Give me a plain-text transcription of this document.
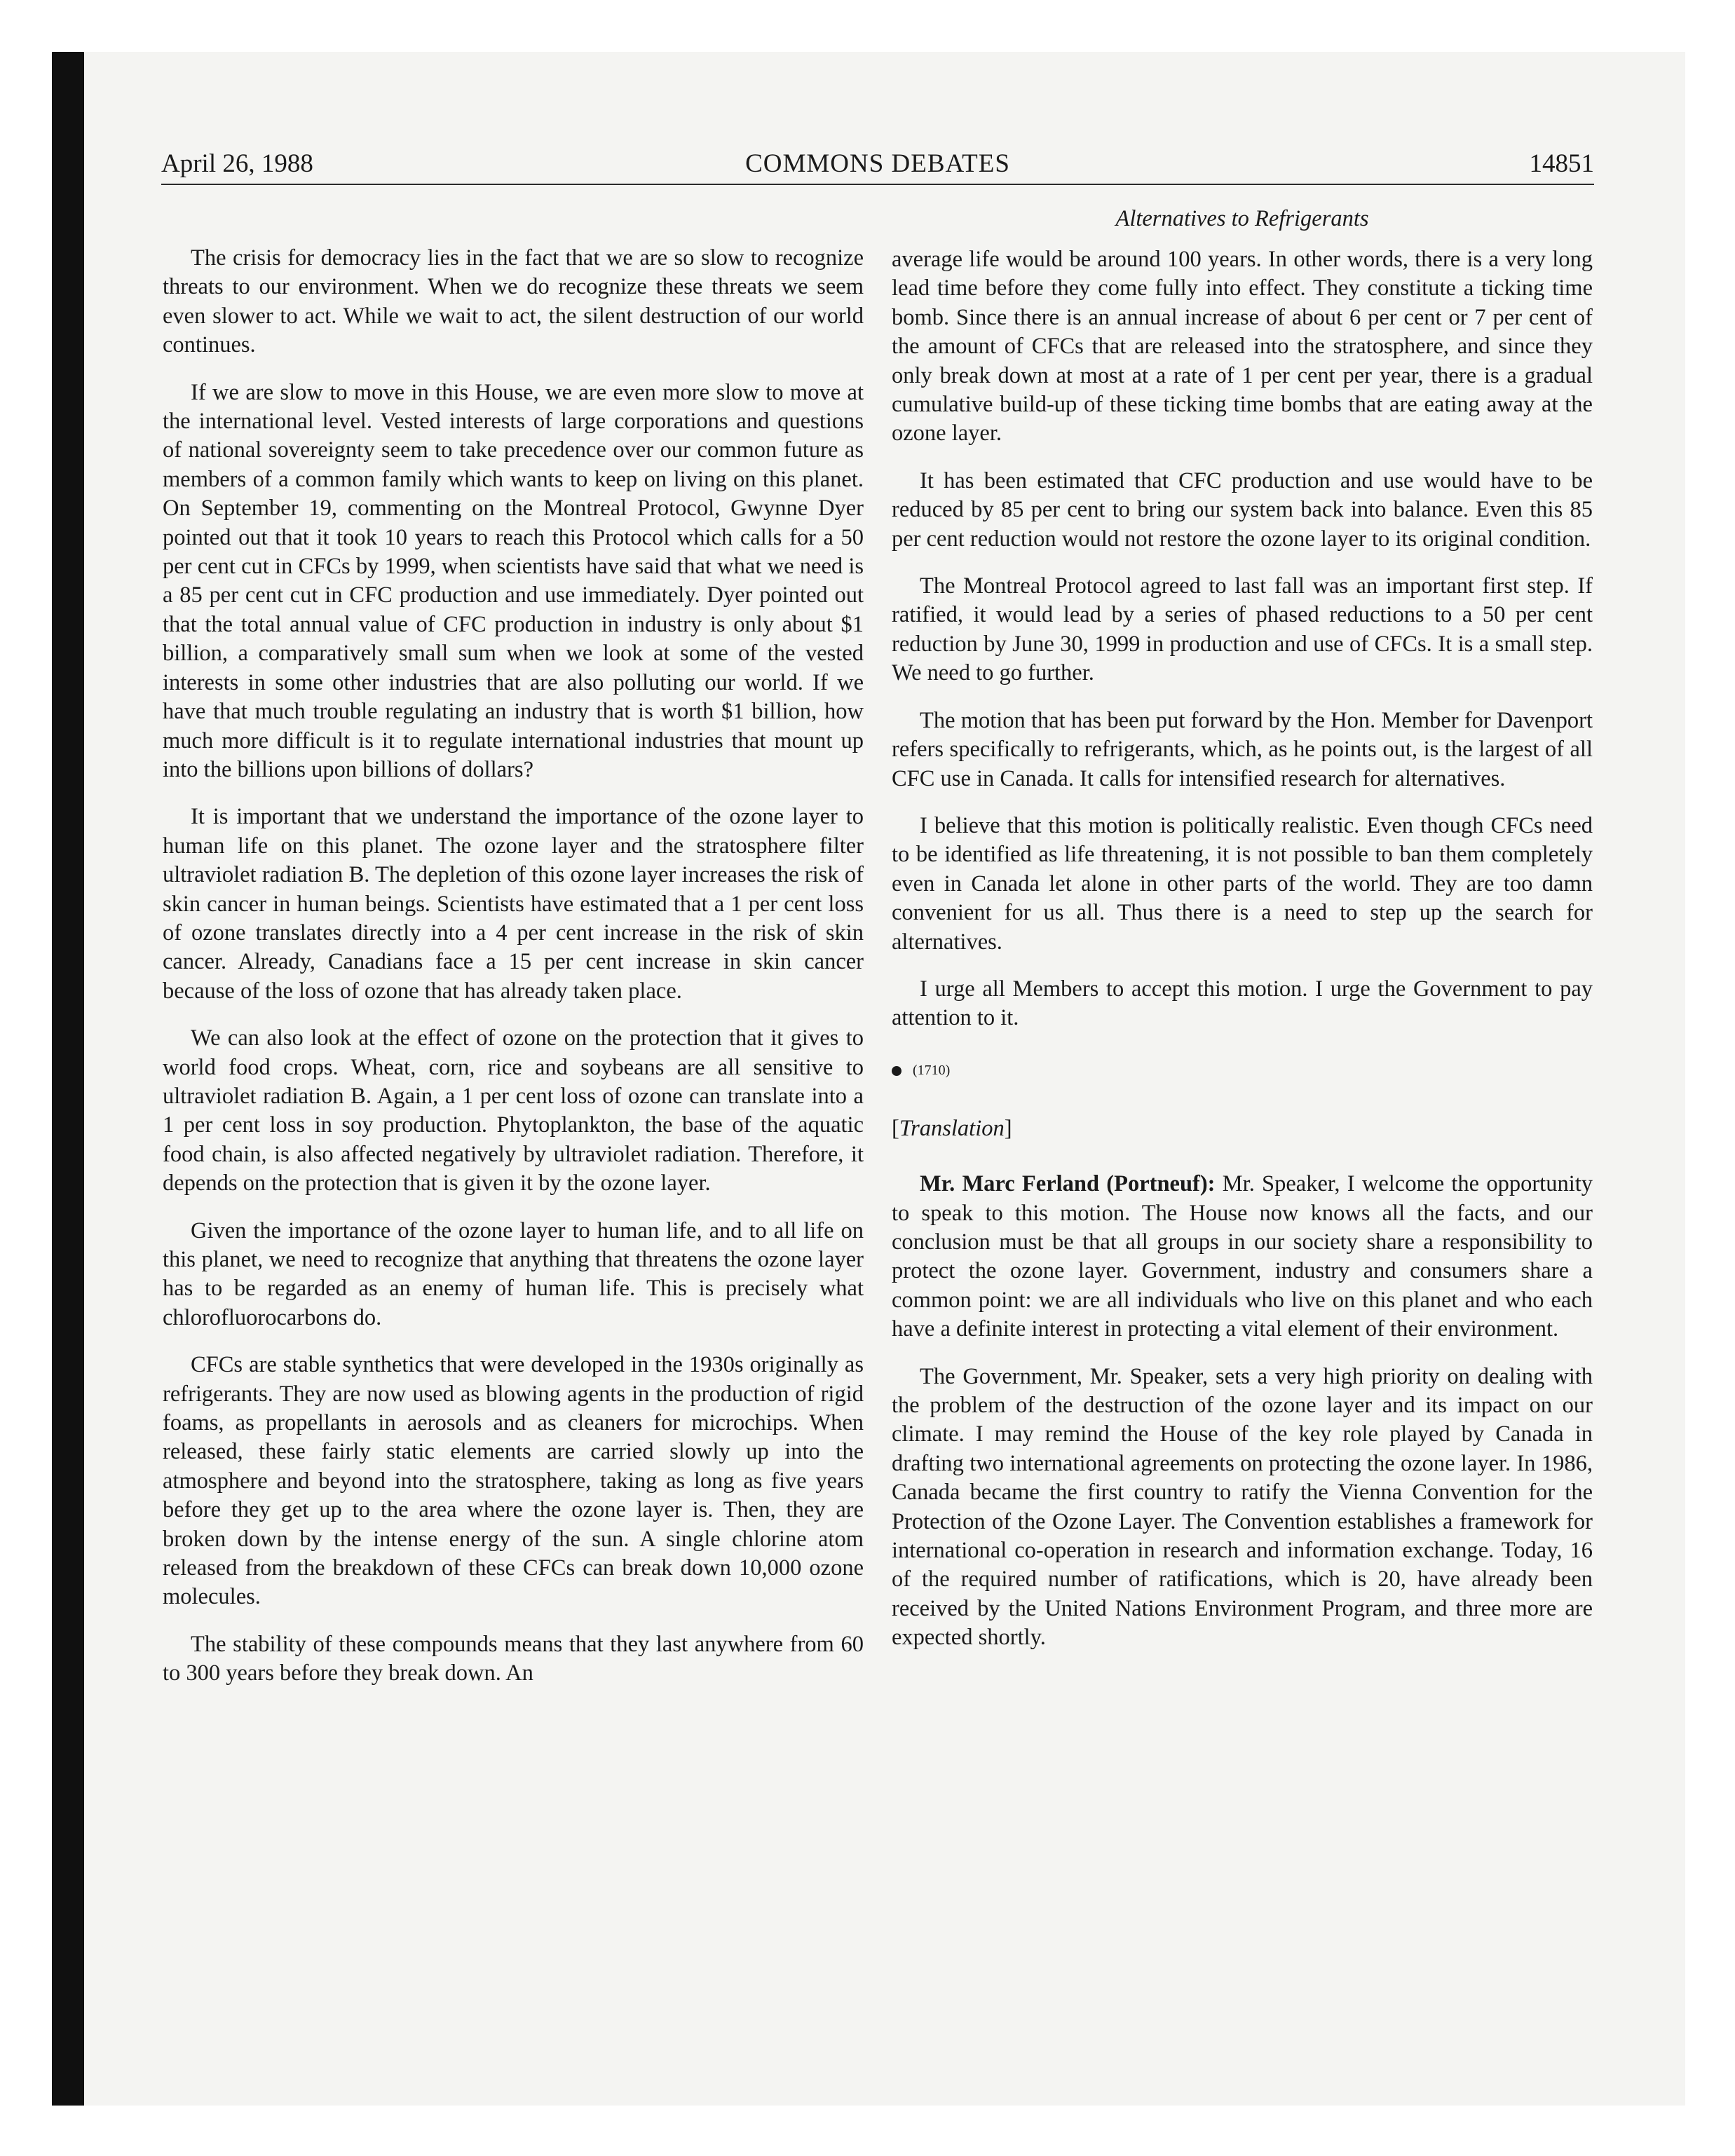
April 26, 1988	COMMONS DEBATES	14851

The crisis for democracy lies in the fact that we are so slow to recognize threats to our environment. When we do recognize these threats we seem even slower to act. While we wait to act, the silent destruction of our world continues.

If we are slow to move in this House, we are even more slow to move at the international level. Vested interests of large corporations and questions of national sovereignty seem to take precedence over our common future as members of a common family which wants to keep on living on this planet. On September 19, commenting on the Montreal Protocol, Gwynne Dyer pointed out that it took 10 years to reach this Protocol which calls for a 50 per cent cut in CFCs by 1999, when scientists have said that what we need is a 85 per cent cut in CFC production and use immediately. Dyer pointed out that the total annual value of CFC production in industry is only about $1 billion, a comparatively small sum when we look at some of the vested interests in some other industries that are also polluting our world. If we have that much trouble regulating an industry that is worth $1 billion, how much more difficult is it to regulate international industries that mount up into the billions upon billions of dollars?

It is important that we understand the importance of the ozone layer to human life on this planet. The ozone layer and the stratosphere filter ultraviolet radiation B. The depletion of this ozone layer increases the risk of skin cancer in human beings. Scientists have estimated that a 1 per cent loss of ozone translates directly into a 4 per cent increase in the risk of skin cancer. Already, Canadians face a 15 per cent increase in skin cancer because of the loss of ozone that has already taken place.

We can also look at the effect of ozone on the protection that it gives to world food crops. Wheat, corn, rice and soybeans are all sensitive to ultraviolet radiation B. Again, a 1 per cent loss of ozone can translate into a 1 per cent loss in soy production. Phytoplankton, the base of the aquatic food chain, is also affected negatively by ultraviolet radiation. Therefore, it depends on the protection that is given it by the ozone layer.

Given the importance of the ozone layer to human life, and to all life on this planet, we need to recognize that anything that threatens the ozone layer has to be regarded as an enemy of human life. This is precisely what chlorofluorocarbons do.

CFCs are stable synthetics that were developed in the 1930s originally as refrigerants. They are now used as blowing agents in the production of rigid foams, as propellants in aerosols and as cleaners for microchips. When released, these fairly static elements are carried slowly up into the atmosphere and beyond into the stratosphere, taking as long as five years before they get up to the area where the ozone layer is. Then, they are broken down by the intense energy of the sun. A single chlorine atom released from the breakdown of these CFCs can break down 10,000 ozone molecules.

The stability of these compounds means that they last anywhere from 60 to 300 years before they break down. An

Alternatives to Refrigerants

average life would be around 100 years. In other words, there is a very long lead time before they come fully into effect. They constitute a ticking time bomb. Since there is an annual increase of about 6 per cent or 7 per cent of the amount of CFCs that are released into the stratosphere, and since they only break down at most at a rate of 1 per cent per year, there is a gradual cumulative build-up of these ticking time bombs that are eating away at the ozone layer.

It has been estimated that CFC production and use would have to be reduced by 85 per cent to bring our system back into balance. Even this 85 per cent reduction would not restore the ozone layer to its original condition.

The Montreal Protocol agreed to last fall was an important first step. If ratified, it would lead by a series of phased reductions to a 50 per cent reduction by June 30, 1999 in production and use of CFCs. It is a small step. We need to go further.

The motion that has been put forward by the Hon. Member for Davenport refers specifically to refrigerants, which, as he points out, is the largest of all CFC use in Canada. It calls for intensified research for alternatives.

I believe that this motion is politically realistic. Even though CFCs need to be identified as life threatening, it is not possible to ban them completely even in Canada let alone in other parts of the world. They are too damn convenient for us all. Thus there is a need to step up the search for alternatives.

I urge all Members to accept this motion. I urge the Government to pay attention to it.

(1710)

[Translation]

Mr. Marc Ferland (Portneuf): Mr. Speaker, I welcome the opportunity to speak to this motion. The House now knows all the facts, and our conclusion must be that all groups in our society share a responsibility to protect the ozone layer. Government, industry and consumers share a common point: we are all individuals who live on this planet and who each have a definite interest in protecting a vital element of their environment.

The Government, Mr. Speaker, sets a very high priority on dealing with the problem of the destruction of the ozone layer and its impact on our climate. I may remind the House of the key role played by Canada in drafting two international agreements on protecting the ozone layer. In 1986, Canada became the first country to ratify the Vienna Convention for the Protection of the Ozone Layer. The Convention establishes a framework for international co-operation in research and information exchange. Today, 16 of the required number of ratifications, which is 20, have already been received by the United Nations Environment Program, and three more are expected shortly.
